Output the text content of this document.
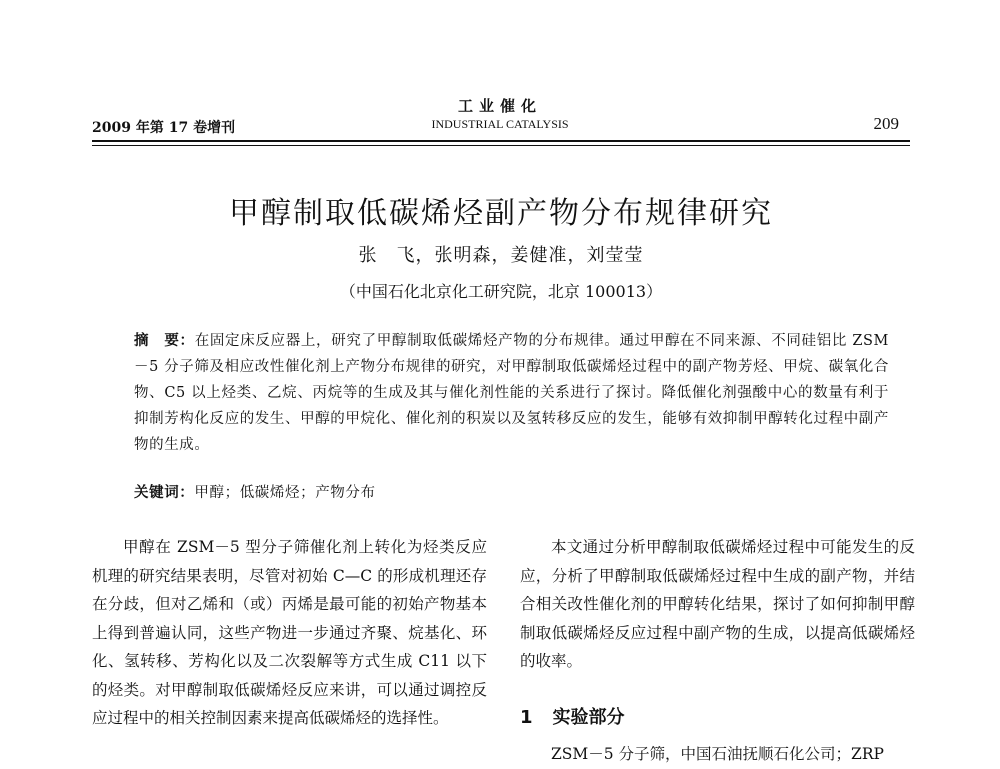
2009 年第 17 卷增刊
工业催化
INDUSTRIAL CATALYSIS	209
甲醇制取低碳烯烃副产物分布规律研究
张　飞，张明森，姜健准，刘莹莹
（中国石化北京化工研究院，北京 100013）
摘　要：在固定床反应器上，研究了甲醇制取低碳烯烃产物的分布规律。通过甲醇在不同来源、不同硅铝比 ZSM－5 分子筛及相应改性催化剂上产物分布规律的研究，对甲醇制取低碳烯烃过程中的副产物芳烃、甲烷、碳氧化合物、C5 以上烃类、乙烷、丙烷等的生成及其与催化剂性能的关系进行了探讨。降低催化剂强酸中心的数量有利于抑制芳构化反应的发生、甲醇的甲烷化、催化剂的积炭以及氢转移反应的发生，能够有效抑制甲醇转化过程中副产物的生成。
关键词：甲醇；低碳烯烃；产物分布

甲醇在 ZSM－5 型分子筛催化剂上转化为烃类反应机理的研究结果表明，尽管对初始 C—C 的形成机理还存在分歧，但对乙烯和（或）丙烯是最可能的初始产物基本上得到普遍认同，这些产物进一步通过齐聚、烷基化、环化、氢转移、芳构化以及二次裂解等方式生成 C11 以下的烃类。对甲醇制取低碳烯烃反应来讲，可以通过调控反应过程中的相关控制因素来提高低碳烯烃的选择性。

本文通过分析甲醇制取低碳烯烃过程中可能发生的反应，分析了甲醇制取低碳烯烃过程中生成的副产物，并结合相关改性催化剂的甲醇转化结果，探讨了如何抑制甲醇制取低碳烯烃反应过程中副产物的生成，以提高低碳烯烃的收率。

1 实验部分

ZSM－5 分子筛，中国石油抚顺石化公司；ZRP
